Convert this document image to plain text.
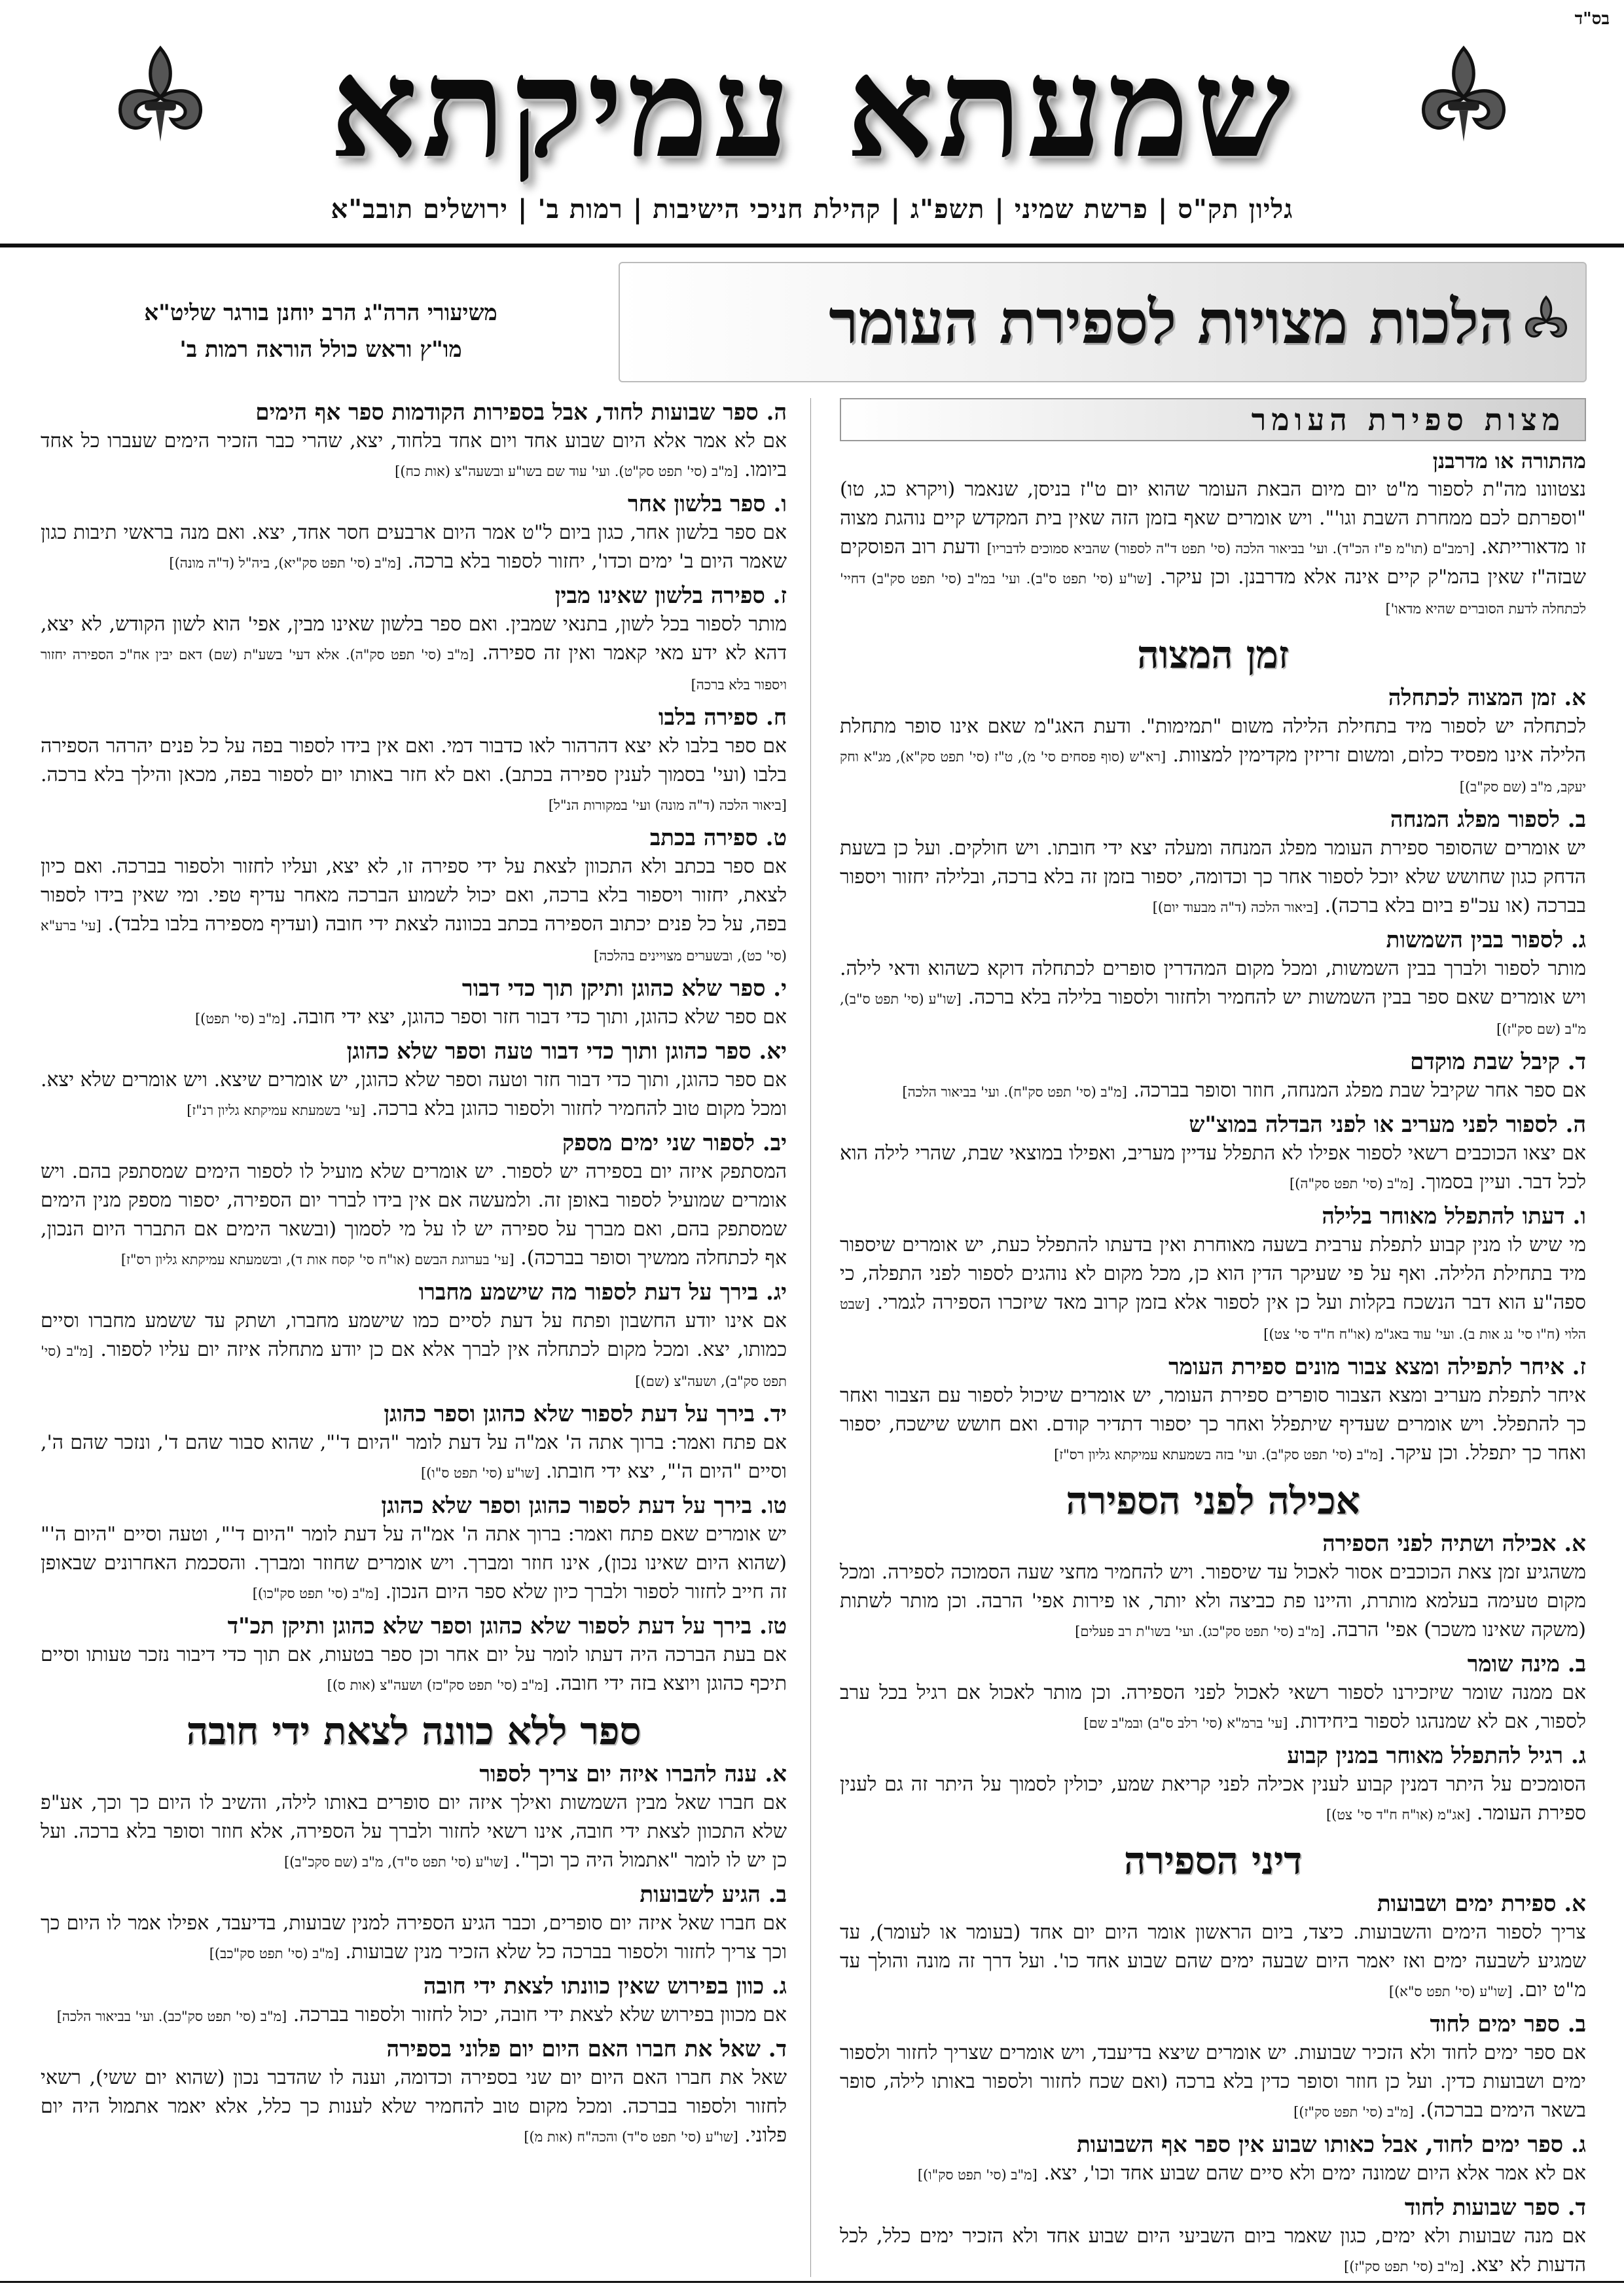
בס"ד
שמעתא עמיקתא
גליון תק"ס | פרשת שמיני | תשפ"ג | קהילת חניכי הישיבות | רמות ב' | ירושלים תובב"א
הלכות מצויות לספירת העומר
משיעורי הרה"ג הרב יוחנן בורגר שליט"א
מו"ץ וראש כולל הוראה רמות ב'
מצות ספירת העומר
מהתורה או מדרבנן
נצטוונו מה"ת לספור מ"ט יום מיום הבאת העומר שהוא יום ט"ז בניסן, שנאמר (ויקרא כג, טו) "וספרתם לכם ממחרת השבת וגו'". ויש אומרים שאף בזמן הזה שאין בית המקדש קיים נוהגת מצוה זו מדאורייתא. [רמב"ם (תו"מ פ"ז הכ"ד). ועי' בביאור הלכה (סי' תפט ד"ה לספור) שהביא סמוכים לדבריו] ודעת רוב הפוסקים שבזה"ז שאין בהמ"ק קיים אינה אלא מדרבנן. וכן עיקר. [שו"ע (סי' תפט ס"ב). ועי' במ"ב (סי' תפט סק"ב) דחיי' לכתחלה לדעת הסוברים שהיא מדאו']
זמן המצוה
א. זמן המצוה לכתחלה
לכתחלה יש לספור מיד בתחילת הלילה משום "תמימות". ודעת האג"מ שאם אינו סופר מתחלת הלילה אינו מפסיד כלום, ומשום זריזין מקדימין למצוות. [רא"ש (סוף פסחים סי' מ), ט"ז (סי' תפט סק"א), מג"א וחק יעקב, מ"ב (שם סק"ב)]
ב. לספור מפלג המנחה
יש אומרים שהסופר ספירת העומר מפלג המנחה ומעלה יצא ידי חובתו. ויש חולקים. ועל כן בשעת הדחק כגון שחושש שלא יוכל לספור אחר כך וכדומה, יספור בזמן זה בלא ברכה, ובלילה יחזור ויספור בברכה (או עכ"פ ביום בלא ברכה). [ביאור הלכה (ד"ה מבעוד יום)]
ג. לספור בבין השמשות
מותר לספור ולברך בבין השמשות, ומכל מקום המהדרין סופרים לכתחלה דוקא כשהוא ודאי לילה. ויש אומרים שאם ספר בבין השמשות יש להחמיר ולחזור ולספור בלילה בלא ברכה. [שו"ע (סי' תפט ס"ב), מ"ב (שם סק"ז)]
ד. קיבל שבת מוקדם
אם ספר אחר שקיבל שבת מפלג המנחה, חוזר וסופר בברכה. [מ"ב (סי' תפט סק"ח). ועי' בביאור הלכה]
ה. לספור לפני מעריב או לפני הבדלה במוצ"ש
אם יצאו הכוכבים רשאי לספור אפילו לא התפלל עדיין מעריב, ואפילו במוצאי שבת, שהרי לילה הוא לכל דבר. ועיין בסמוך. [מ"ב (סי' תפט סק"ה)]
ו. דעתו להתפלל מאוחר בלילה
מי שיש לו מנין קבוע לתפלת ערבית בשעה מאוחרת ואין בדעתו להתפלל כעת, יש אומרים שיספור מיד בתחילת הלילה. ואף על פי שעיקר הדין הוא כן, מכל מקום לא נוהגים לספור לפני התפלה, כי ספה"ע הוא דבר הנשכח בקלות ועל כן אין לספור אלא בזמן קרוב מאד שיזכרו הספירה לגמרי. [שבט הלוי (ח"ו סי' נג אות ב). ועי' עוד באג"מ (או"ח ח"ד סי' צט)]
ז. איחר לתפילה ומצא צבור מונים ספירת העומר
איחר לתפלת מעריב ומצא הצבור סופרים ספירת העומר, יש אומרים שיכול לספור עם הצבור ואחר כך להתפלל. ויש אומרים שעדיף שיתפלל ואחר כך יספור דתדיר קודם. ואם חושש שישכח, יספור ואחר כך יתפלל. וכן עיקר. [מ"ב (סי' תפט סק"ב). ועי' בזה בשמעתא עמיקתא גליון רס"ז]
אכילה לפני הספירה
א. אכילה ושתיה לפני הספירה
משהגיע זמן צאת הכוכבים אסור לאכול עד שיספור. ויש להחמיר מחצי שעה הסמוכה לספירה. ומכל מקום טעימה בעלמא מותרת, והיינו פת כביצה ולא יותר, או פירות אפי' הרבה. וכן מותר לשתות (משקה שאינו משכר) אפי' הרבה. [מ"ב (סי' תפט סק"כג). ועי' בשו"ת רב פעלים]
ב. מינה שומר
אם ממנה שומר שיזכירנו לספור רשאי לאכול לפני הספירה. וכן מותר לאכול אם רגיל בכל ערב לספור, אם לא שמנהגו לספור ביחידות. [עי' ברמ"א (סי' רלב ס"ב) ובמ"ב שם]
ג. רגיל להתפלל מאוחר במנין קבוע
הסומכים על היתר דמנין קבוע לענין אכילה לפני קריאת שמע, יכולין לסמוך על היתר זה גם לענין ספירת העומר. [אג"מ (או"ח ח"ד סי' צט)]
דיני הספירה
א. ספירת ימים ושבועות
צריך לספור הימים והשבועות. כיצד, ביום הראשון אומר היום יום אחד (בעומר או לעומר), עד שמגיע לשבעה ימים ואז יאמר היום שבעה ימים שהם שבוע אחד כו'. ועל דרך זה מונה והולך עד מ"ט יום. [שו"ע (סי' תפט ס"א)]
ב. ספר ימים לחוד
אם ספר ימים לחוד ולא הזכיר שבועות. יש אומרים שיצא בדיעבד, ויש אומרים שצריך לחזור ולספור ימים ושבועות כדין. ועל כן חוזר וסופר כדין בלא ברכה (ואם שכח לחזור ולספור באותו לילה, סופר בשאר הימים בברכה). [מ"ב (סי' תפט סק"ז)]
ג. ספר ימים לחוד, אבל כאותו שבוע אין ספר אף השבועות
אם לא אמר אלא היום שמונה ימים ולא סיים שהם שבוע אחד וכו', יצא. [מ"ב (סי' תפט סק"ו)]
ד. ספר שבועות לחוד
אם מנה שבועות ולא ימים, כגון שאמר ביום השביעי היום שבוע אחד ולא הזכיר ימים כלל, לכל הדעות לא יצא. [מ"ב (סי' תפט סק"ז)]
ה. ספר שבועות לחוד, אבל בספירות הקודמות ספר אף הימים
אם לא אמר אלא היום שבוע אחד ויום אחד בלחוד, יצא, שהרי כבר הזכיר הימים שעברו כל אחד ביומו. [מ"ב (סי' תפט סק"ט). ועי' עוד שם בשו"ע ובשעה"צ (אות כח)]
ו. ספר בלשון אחר
אם ספר בלשון אחר, כגון ביום ל"ט אמר היום ארבעים חסר אחד, יצא. ואם מנה בראשי תיבות כגון שאמר היום ב' ימים וכדו', יחזור לספור בלא ברכה. [מ"ב (סי' תפט סק"יא), ביה"ל (ד"ה מונה)]
ז. ספירה בלשון שאינו מבין
מותר לספור בכל לשון, בתנאי שמבין. ואם ספר בלשון שאינו מבין, אפי' הוא לשון הקודש, לא יצא, דהא לא ידע מאי קאמר ואין זה ספירה. [מ"ב (סי' תפט סק"ה). אלא דעי' בשע"ת (שם) דאם יבין אח"כ הספירה יחזור ויספור בלא ברכה]
ח. ספירה בלבו
אם ספר בלבו לא יצא דהרהור לאו כדבור דמי. ואם אין בידו לספור בפה על כל פנים יהרהר הספירה בלבו (ועי' בסמוך לענין ספירה בכתב). ואם לא חזר באותו יום לספור בפה, מכאן והילך בלא ברכה. [ביאור הלכה (ד"ה מונה) ועי' במקורות הנ"ל]
ט. ספירה בכתב
אם ספר בכתב ולא התכוון לצאת על ידי ספירה זו, לא יצא, ועליו לחזור ולספור בברכה. ואם כיון לצאת, יחזור ויספור בלא ברכה, ואם יכול לשמוע הברכה מאחר עדיף טפי. ומי שאין בידו לספור בפה, על כל פנים יכתוב הספירה בכתב בכוונה לצאת ידי חובה (ועדיף מספירה בלבו בלבד). [עי' ברע"א (סי' כט), ובשערים מצויינים בהלכה]
י. ספר שלא כהוגן ותיקן תוך כדי דבור
אם ספר שלא כהוגן, ותוך כדי דבור חזר וספר כהוגן, יצא ידי חובה. [מ"ב (סי' תפט)]
יא. ספר כהוגן ותוך כדי דבור טעה וספר שלא כהוגן
אם ספר כהוגן, ותוך כדי דבור חזר וטעה וספר שלא כהוגן, יש אומרים שיצא. ויש אומרים שלא יצא. ומכל מקום טוב להחמיר לחזור ולספור כהוגן בלא ברכה. [עי' בשמעתא עמיקתא גליון רנ"ז]
יב. לספור שני ימים מספק
המסתפק איזה יום בספירה יש לספור. יש אומרים שלא מועיל לו לספור הימים שמסתפק בהם. ויש אומרים שמועיל לספור באופן זה. ולמעשה אם אין בידו לברר יום הספירה, יספור מספק מנין הימים שמסתפק בהם, ואם מברך על ספירה יש לו על מי לסמוך (ובשאר הימים אם התברר היום הנכון, אף לכתחלה ממשיך וסופר בברכה). [עי' בערוגת הבשם (או"ח סי' קסח אות ד), ובשמעתא עמיקתא גליון רס"ז]
יג. בירך על דעת לספור מה שישמע מחברו
אם אינו יודע החשבון ופתח על דעת לסיים כמו שישמע מחברו, ושתק עד ששמע מחברו וסיים כמותו, יצא. ומכל מקום לכתחלה אין לברך אלא אם כן יודע מתחלה איזה יום עליו לספור. [מ"ב (סי' תפט סק"ב), ושעה"צ (שם)]
יד. בירך על דעת לספור שלא כהוגן וספר כהוגן
אם פתח ואמר: ברוך אתה ה' אמ"ה על דעת לומר "היום ד'", שהוא סבור שהם ד', ונזכר שהם ה', וסיים "היום ה'", יצא ידי חובתו. [שו"ע (סי' תפט ס"ו)]
טו. בירך על דעת לספור כהוגן וספר שלא כהוגן
יש אומרים שאם פתח ואמר: ברוך אתה ה' אמ"ה על דעת לומר "היום ד'", וטעה וסיים "היום ה'" (שהוא היום שאינו נכון), אינו חוזר ומברך. ויש אומרים שחוזר ומברך. והסכמת האחרונים שבאופן זה חייב לחזור לספור ולברך כיון שלא ספר היום הנכון. [מ"ב (סי' תפט סק"כו)]
טז. בירך על דעת לספור שלא כהוגן וספר שלא כהוגן ותיקן תכ"ד
אם בעת הברכה היה דעתו לומר על יום אחר וכן ספר בטעות, אם תוך כדי דיבור נזכר טעותו וסיים תיכף כהוגן ויוצא בזה ידי חובה. [מ"ב (סי' תפט סק"כז) ושעה"צ (אות ס)]
ספר ללא כוונה לצאת ידי חובה
א. ענה להברו איזה יום צריך לספור
אם חברו שאל מבין השמשות ואילך איזה יום סופרים באותו לילה, והשיב לו היום כך וכך, אע"פ שלא התכוון לצאת ידי חובה, אינו רשאי לחזור ולברך על הספירה, אלא חוזר וסופר בלא ברכה. ועל כן יש לו לומר "אתמול היה כך וכך". [שו"ע (סי' תפט ס"ד), מ"ב (שם סקכ"ב)]
ב. הגיע לשבועות
אם חברו שאל איזה יום סופרים, וכבר הגיע הספירה למנין שבועות, בדיעבד, אפילו אמר לו היום כך וכך צריך לחזור ולספור בברכה כל שלא הזכיר מנין שבועות. [מ"ב (סי' תפט סק"כב)]
ג. כוון בפירוש שאין כוונתו לצאת ידי חובה
אם מכוון בפירוש שלא לצאת ידי חובה, יכול לחזור ולספור בברכה. [מ"ב (סי' תפט סק"כב). ועי' בביאור הלכה]
ד. שאל את חברו האם היום יום פלוני בספירה
שאל את חברו האם היום יום שני בספירה וכדומה, וענה לו שהדבר נכון (שהוא יום ששי), רשאי לחזור ולספור בברכה. ומכל מקום טוב להחמיר שלא לענות כך כלל, אלא יאמר אתמול היה יום פלוני. [שו"ע (סי' תפט ס"ד) והכה"ח (אות מ)]
